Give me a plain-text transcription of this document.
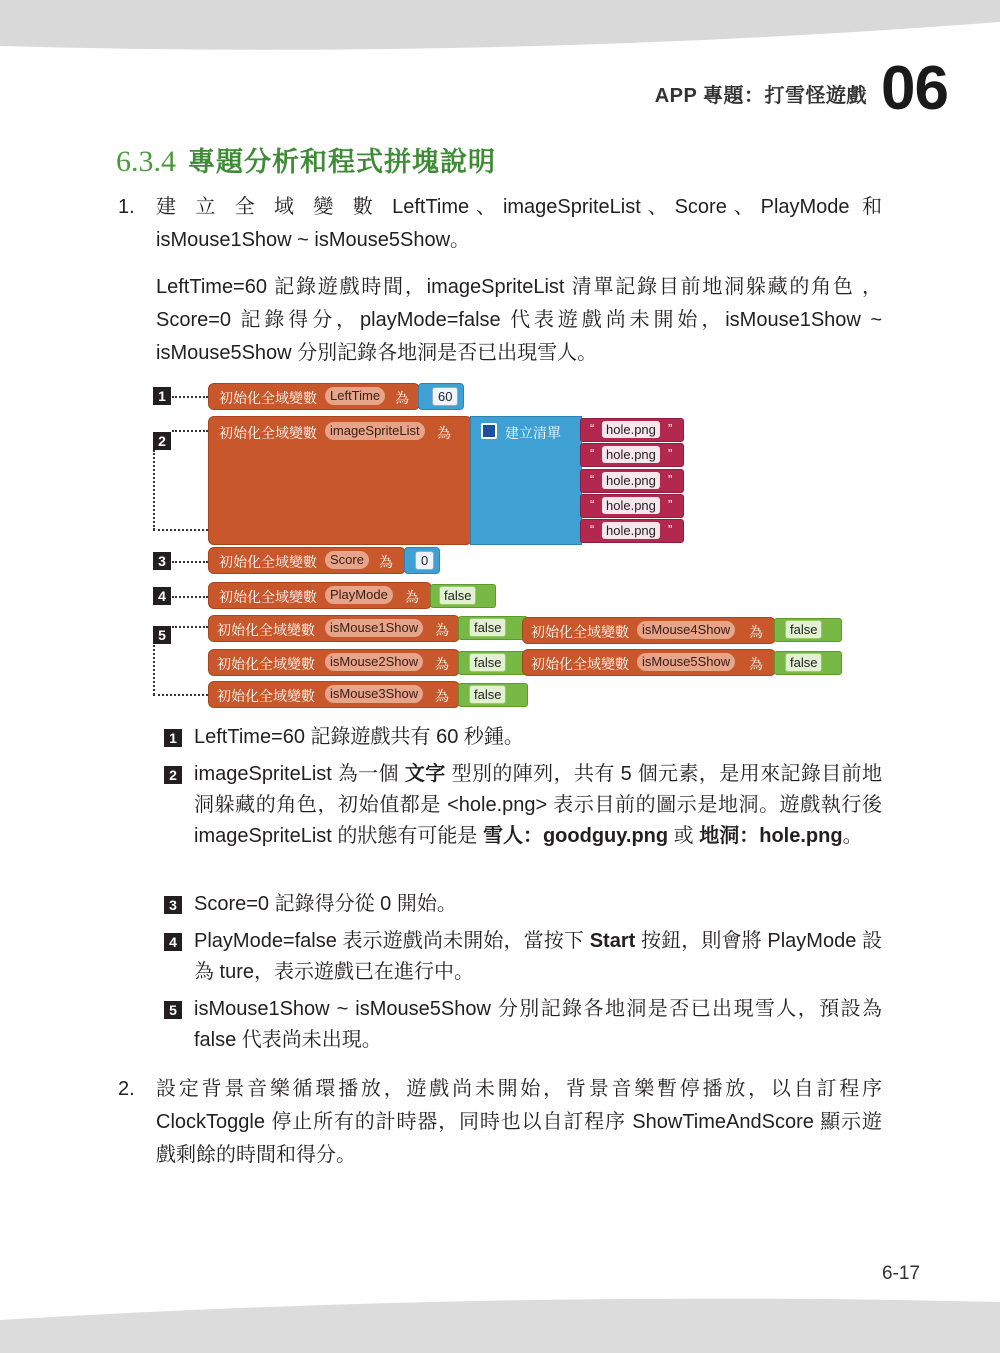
APP 專題：打雪怪遊戲 06
6.3.4 專題分析和程式拼塊說明
1. 建 立 全 域 變 數 LeftTime、imageSpriteList、Score、PlayMode 和 isMouse1Show ~ isMouse5Show。
LeftTime=60 記錄遊戲時間，imageSpriteList 清單記錄目前地洞躲藏的角色 ，Score=0 記錄得分，playMode=false 代表遊戲尚未開始，isMouse1Show ~ isMouse5Show 分別記錄各地洞是否已出現雪人。
1
2
3
4
5
初始化全域變數	LeftTime	為	60
初始化全域變數	imageSpriteList	為	建立清單 “ hole.png ”
“ hole.png ”
“ hole.png ”
“ hole.png ”
“ hole.png ”
初始化全域變數	Score	為	0
初始化全域變數	PlayMode	為	false
初始化全域變數	isMouse1Show	為	false
初始化全域變數	isMouse2Show	為	false
初始化全域變數	isMouse3Show	為	false
初始化全域變數	isMouse4Show	為	false
初始化全域變數	isMouse5Show	為	false
1 LeftTime=60 記錄遊戲共有 60 秒鍾。
2 imageSpriteList 為一個 文字 型別的陣列，共有 5 個元素，是用來記錄目前地洞躲藏的角色，初始值都是 <hole.png> 表示目前的圖示是地洞。遊戲執行後 imageSpriteList 的狀態有可能是 雪人：goodguy.png 或 地洞：hole.png。
3 Score=0 記錄得分從 0 開始。
4 PlayMode=false 表示遊戲尚未開始，當按下 Start 按鈕，則會將 PlayMode 設為 ture，表示遊戲已在進行中。
5 isMouse1Show ~ isMouse5Show 分別記錄各地洞是否已出現雪人，預設為 false 代表尚未出現。
2. 設定背景音樂循環播放，遊戲尚未開始，背景音樂暫停播放，以自訂程序 ClockToggle 停止所有的計時器，同時也以自訂程序 ShowTimeAndScore 顯示遊戲剩餘的時間和得分。
6-17
